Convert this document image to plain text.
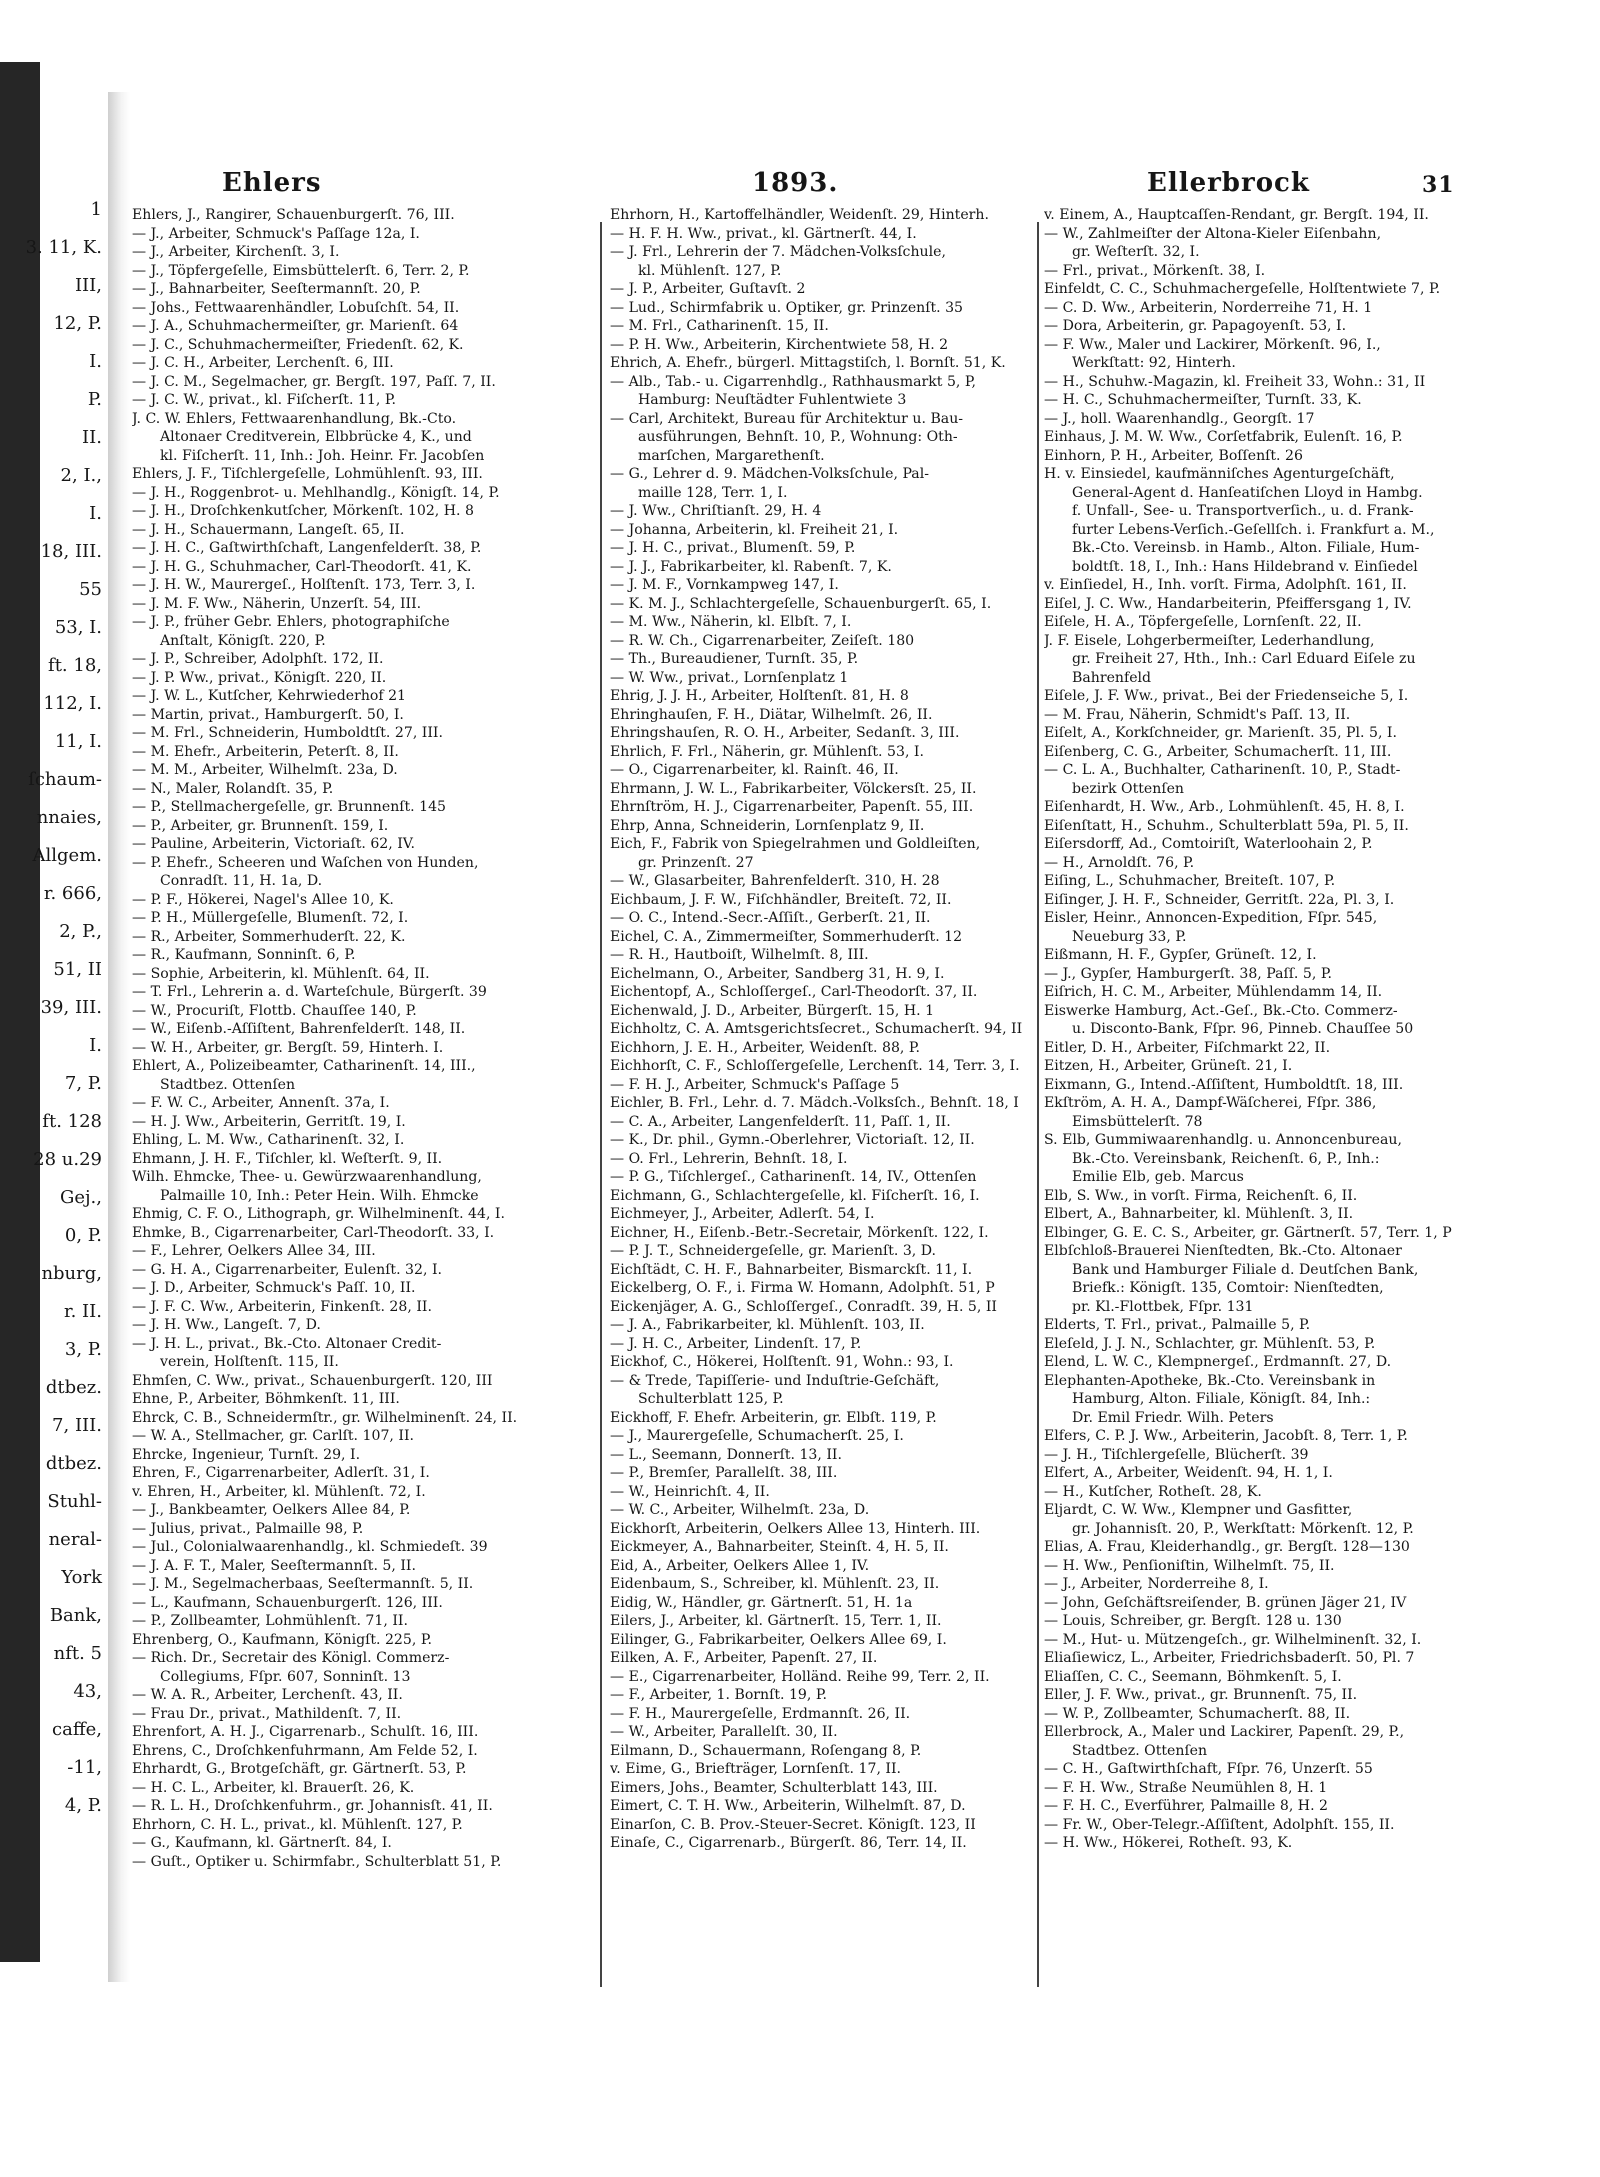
1
3. 11, K.
III,
12, P.
I.
P.
II.
2, I.,
I.
18, III.
55
53, I.
ft. 18,
112, I.
11, I.
ſchaum-
nnaies,
Allgem.
r. 666,
2, P.,
51, II
39, III.
I.
7, P.
ft. 128
28 u.29
Gej.,
0, P.
nburg,
r. II.
3, P.
dtbez.
7, III.
dtbez.
Stuhl-
neral-
York
Bank,
nft. 5
43,
caffe,
-11,
4, P.
Ehlers	1893.	Ellerbrock	31
Ehlers, J., Rangirer, Schauenburgerſt. 76, III.
— J., Arbeiter, Schmuck's Paſſage 12a, I.
— J., Arbeiter, Kirchenſt. 3, I.
— J., Töpfergeſelle, Eimsbüttelerſt. 6, Terr. 2, P.
— J., Bahnarbeiter, Seeſtermannſt. 20, P.
— Johs., Fettwaarenhändler, Lobuſchſt. 54, II.
— J. A., Schuhmachermeiſter, gr. Marienſt. 64
— J. C., Schuhmachermeiſter, Friedenſt. 62, K.
— J. C. H., Arbeiter, Lerchenſt. 6, III.
— J. C. M., Segelmacher, gr. Bergſt. 197, Paſſ. 7, II.
— J. C. W., privat., kl. Fiſcherſt. 11, P.
J. C. W. Ehlers, Fettwaarenhandlung, Bk.-Cto.
Altonaer Creditverein, Elbbrücke 4, K., und
kl. Fiſcherſt. 11, Inh.: Joh. Heinr. Fr. Jacobſen
Ehlers, J. F., Tiſchlergeſelle, Lohmühlenſt. 93, III.
— J. H., Roggenbrot- u. Mehlhandlg., Königſt. 14, P.
— J. H., Droſchkenkutſcher, Mörkenſt. 102, H. 8
— J. H., Schauermann, Langeſt. 65, II.
— J. H. C., Gaſtwirthſchaft, Langenfelderſt. 38, P.
— J. H. G., Schuhmacher, Carl-Theodorſt. 41, K.
— J. H. W., Maurergeſ., Holſtenſt. 173, Terr. 3, I.
— J. M. F. Ww., Näherin, Unzerſt. 54, III.
— J. P., früher Gebr. Ehlers, photographiſche
Anſtalt, Königſt. 220, P.
— J. P., Schreiber, Adolphſt. 172, II.
— J. P. Ww., privat., Königſt. 220, II.
— J. W. L., Kutſcher, Kehrwiederhof 21
— Martin, privat., Hamburgerſt. 50, I.
— M. Frl., Schneiderin, Humboldtſt. 27, III.
— M. Ehefr., Arbeiterin, Peterſt. 8, II.
— M. M., Arbeiter, Wilhelmſt. 23a, D.
— N., Maler, Rolandſt. 35, P.
— P., Stellmachergeſelle, gr. Brunnenſt. 145
— P., Arbeiter, gr. Brunnenſt. 159, I.
— Pauline, Arbeiterin, Victoriaſt. 62, IV.
— P. Ehefr., Scheeren und Waſchen von Hunden,
Conradſt. 11, H. 1a, D.
— P. F., Hökerei, Nagel's Allee 10, K.
— P. H., Müllergeſelle, Blumenſt. 72, I.
— R., Arbeiter, Sommerhuderſt. 22, K.
— R., Kaufmann, Sonninſt. 6, P.
— Sophie, Arbeiterin, kl. Mühlenſt. 64, II.
— T. Frl., Lehrerin a. d. Warteſchule, Bürgerſt. 39
— W., Procuriſt, Flottb. Chauſſee 140, P.
— W., Eiſenb.-Aſſiſtent, Bahrenfelderſt. 148, II.
— W. H., Arbeiter, gr. Bergſt. 59, Hinterh. I.
Ehlert, A., Polizeibeamter, Catharinenſt. 14, III.,
Stadtbez. Ottenſen
— F. W. C., Arbeiter, Annenſt. 37a, I.
— H. J. Ww., Arbeiterin, Gerritſt. 19, I.
Ehling, L. M. Ww., Catharinenſt. 32, I.
Ehmann, J. H. F., Tiſchler, kl. Weſterſt. 9, II.
Wilh. Ehmcke, Thee- u. Gewürzwaarenhandlung,
Palmaille 10, Inh.: Peter Hein. Wilh. Ehmcke
Ehmig, C. F. O., Lithograph, gr. Wilhelminenſt. 44, I.
Ehmke, B., Cigarrenarbeiter, Carl-Theodorſt. 33, I.
— F., Lehrer, Oelkers Allee 34, III.
— G. H. A., Cigarrenarbeiter, Eulenſt. 32, I.
— J. D., Arbeiter, Schmuck's Paſſ. 10, II.
— J. F. C. Ww., Arbeiterin, Finkenſt. 28, II.
— J. H. Ww., Langeſt. 7, D.
— J. H. L., privat., Bk.-Cto. Altonaer Credit-
verein, Holſtenſt. 115, II.
Ehmſen, C. Ww., privat., Schauenburgerſt. 120, III
Ehne, P., Arbeiter, Böhmkenſt. 11, III.
Ehrck, C. B., Schneidermſtr., gr. Wilhelminenſt. 24, II.
— W. A., Stellmacher, gr. Carlſt. 107, II.
Ehrcke, Ingenieur, Turnſt. 29, I.
Ehren, F., Cigarrenarbeiter, Adlerſt. 31, I.
v. Ehren, H., Arbeiter, kl. Mühlenſt. 72, I.
— J., Bankbeamter, Oelkers Allee 84, P.
— Julius, privat., Palmaille 98, P.
— Jul., Colonialwaarenhandlg., kl. Schmiedeſt. 39
— J. A. F. T., Maler, Seeſtermannſt. 5, II.
— J. M., Segelmacherbaas, Seeſtermannſt. 5, II.
— L., Kaufmann, Schauenburgerſt. 126, III.
— P., Zollbeamter, Lohmühlenſt. 71, II.
Ehrenberg, O., Kaufmann, Königſt. 225, P.
— Rich. Dr., Secretair des Königl. Commerz-
Collegiums, Fſpr. 607, Sonninſt. 13
— W. A. R., Arbeiter, Lerchenſt. 43, II.
— Frau Dr., privat., Mathildenſt. 7, II.
Ehrenfort, A. H. J., Cigarrenarb., Schulſt. 16, III.
Ehrens, C., Droſchkenfuhrmann, Am Felde 52, I.
Ehrhardt, G., Brotgeſchäft, gr. Gärtnerſt. 53, P.
— H. C. L., Arbeiter, kl. Brauerſt. 26, K.
— R. L. H., Droſchkenfuhrm., gr. Johannisſt. 41, II.
Ehrhorn, C. H. L., privat., kl. Mühlenſt. 127, P.
— G., Kaufmann, kl. Gärtnerſt. 84, I.
— Guſt., Optiker u. Schirmfabr., Schulterblatt 51, P.
Ehrhorn, H., Kartoffelhändler, Weidenſt. 29, Hinterh.
— H. F. H. Ww., privat., kl. Gärtnerſt. 44, I.
— J. Frl., Lehrerin der 7. Mädchen-Volksſchule,
kl. Mühlenſt. 127, P.
— J. P., Arbeiter, Guſtavſt. 2
— Lud., Schirmfabrik u. Optiker, gr. Prinzenſt. 35
— M. Frl., Catharinenſt. 15, II.
— P. H. Ww., Arbeiterin, Kirchentwiete 58, H. 2
Ehrich, A. Ehefr., bürgerl. Mittagstiſch, l. Bornſt. 51, K.
— Alb., Tab.- u. Cigarrenhdlg., Rathhausmarkt 5, P,
Hamburg: Neuſtädter Fuhlentwiete 3
— Carl, Architekt, Bureau für Architektur u. Bau-
ausführungen, Behnſt. 10, P., Wohnung: Oth-
marſchen, Margarethenſt.
— G., Lehrer d. 9. Mädchen-Volksſchule, Pal-
maille 128, Terr. 1, I.
— J. Ww., Chriſtianſt. 29, H. 4
— Johanna, Arbeiterin, kl. Freiheit 21, I.
— J. H. C., privat., Blumenſt. 59, P.
— J. J., Fabrikarbeiter, kl. Rabenſt. 7, K.
— J. M. F., Vornkampweg 147, I.
— K. M. J., Schlachtergeſelle, Schauenburgerſt. 65, I.
— M. Ww., Näherin, kl. Elbſt. 7, I.
— R. W. Ch., Cigarrenarbeiter, Zeiſeſt. 180
— Th., Bureaudiener, Turnſt. 35, P.
— W. Ww., privat., Lornſenplatz 1
Ehrig, J. J. H., Arbeiter, Holſtenſt. 81, H. 8
Ehringhauſen, F. H., Diätar, Wilhelmſt. 26, II.
Ehringshauſen, R. O. H., Arbeiter, Sedanſt. 3, III.
Ehrlich, F. Frl., Näherin, gr. Mühlenſt. 53, I.
— O., Cigarrenarbeiter, kl. Rainſt. 46, II.
Ehrmann, J. W. L., Fabrikarbeiter, Völckersſt. 25, II.
Ehrnſtröm, H. J., Cigarrenarbeiter, Papenſt. 55, III.
Ehrp, Anna, Schneiderin, Lornſenplatz 9, II.
Eich, F., Fabrik von Spiegelrahmen und Goldleiſten,
gr. Prinzenſt. 27
— W., Glasarbeiter, Bahrenfelderſt. 310, H. 28
Eichbaum, J. F. W., Fiſchhändler, Breiteſt. 72, II.
— O. C., Intend.-Secr.-Aſſiſt., Gerberſt. 21, II.
Eichel, C. A., Zimmermeiſter, Sommerhuderſt. 12
— R. H., Hautboiſt, Wilhelmſt. 8, III.
Eichelmann, O., Arbeiter, Sandberg 31, H. 9, I.
Eichentopf, A., Schloſſergeſ., Carl-Theodorſt. 37, II.
Eichenwald, J. D., Arbeiter, Bürgerſt. 15, H. 1
Eichholtz, C. A. Amtsgerichtsſecret., Schumacherſt. 94, II
Eichhorn, J. E. H., Arbeiter, Weidenſt. 88, P.
Eichhorſt, C. F., Schloſſergeſelle, Lerchenſt. 14, Terr. 3, I.
— F. H. J., Arbeiter, Schmuck's Paſſage 5
Eichler, B. Frl., Lehr. d. 7. Mädch.-Volksſch., Behnſt. 18, I
— C. A., Arbeiter, Langenfelderſt. 11, Paſſ. 1, II.
— K., Dr. phil., Gymn.-Oberlehrer, Victoriaſt. 12, II.
— O. Frl., Lehrerin, Behnſt. 18, I.
— P. G., Tiſchlergeſ., Catharinenſt. 14, IV., Ottenſen
Eichmann, G., Schlachtergeſelle, kl. Fiſcherſt. 16, I.
Eichmeyer, J., Arbeiter, Adlerſt. 54, I.
Eichner, H., Eiſenb.-Betr.-Secretair, Mörkenſt. 122, I.
— P. J. T., Schneidergeſelle, gr. Marienſt. 3, D.
Eichſtädt, C. H. F., Bahnarbeiter, Bismarckſt. 11, I.
Eickelberg, O. F., i. Firma W. Homann, Adolphſt. 51, P
Eickenjäger, A. G., Schloſſergeſ., Conradſt. 39, H. 5, II
— J. A., Fabrikarbeiter, kl. Mühlenſt. 103, II.
— J. H. C., Arbeiter, Lindenſt. 17, P.
Eickhof, C., Hökerei, Holſtenſt. 91, Wohn.: 93, I.
— & Trede, Tapiſſerie- und Induſtrie-Geſchäft,
Schulterblatt 125, P.
Eickhoff, F. Ehefr. Arbeiterin, gr. Elbſt. 119, P.
— J., Maurergeſelle, Schumacherſt. 25, I.
— L., Seemann, Donnerſt. 13, II.
— P., Bremſer, Parallelſt. 38, III.
— W., Heinrichſt. 4, II.
— W. C., Arbeiter, Wilhelmſt. 23a, D.
Eickhorſt, Arbeiterin, Oelkers Allee 13, Hinterh. III.
Eickmeyer, A., Bahnarbeiter, Steinſt. 4, H. 5, II.
Eid, A., Arbeiter, Oelkers Allee 1, IV.
Eidenbaum, S., Schreiber, kl. Mühlenſt. 23, II.
Eidig, W., Händler, gr. Gärtnerſt. 51, H. 1a
Eilers, J., Arbeiter, kl. Gärtnerſt. 15, Terr. 1, II.
Eilinger, G., Fabrikarbeiter, Oelkers Allee 69, I.
Eilken, A. F., Arbeiter, Papenſt. 27, II.
— E., Cigarrenarbeiter, Holländ. Reihe 99, Terr. 2, II.
— F., Arbeiter, 1. Bornſt. 19, P.
— F. H., Maurergeſelle, Erdmannſt. 26, II.
— W., Arbeiter, Parallelſt. 30, II.
Eilmann, D., Schauermann, Roſengang 8, P.
v. Eime, G., Briefträger, Lornſenſt. 17, II.
Eimers, Johs., Beamter, Schulterblatt 143, III.
Eimert, C. T. H. Ww., Arbeiterin, Wilhelmſt. 87, D.
Einarſon, C. B. Prov.-Steuer-Secret. Königſt. 123, II
Einaſe, C., Cigarrenarb., Bürgerſt. 86, Terr. 14, II.
v. Einem, A., Hauptcaſſen-Rendant, gr. Bergſt. 194, II.
— W., Zahlmeiſter der Altona-Kieler Eiſenbahn,
gr. Weſterſt. 32, I.
— Frl., privat., Mörkenſt. 38, I.
Einfeldt, C. C., Schuhmachergeſelle, Holſtentwiete 7, P.
— C. D. Ww., Arbeiterin, Norderreihe 71, H. 1
— Dora, Arbeiterin, gr. Papagoyenſt. 53, I.
— F. Ww., Maler und Lackirer, Mörkenſt. 96, I.,
Werkſtatt: 92, Hinterh.
— H., Schuhw.-Magazin, kl. Freiheit 33, Wohn.: 31, II
— H. C., Schuhmachermeiſter, Turnſt. 33, K.
— J., holl. Waarenhandlg., Georgſt. 17
Einhaus, J. M. W. Ww., Corſetfabrik, Eulenſt. 16, P.
Einhorn, P. H., Arbeiter, Boſſenſt. 26
H. v. Einsiedel, kaufmänniſches Agenturgeſchäft,
General-Agent d. Hanſeatiſchen Lloyd in Hambg.
f. Unfall-, See- u. Transportverſich., u. d. Frank-
furter Lebens-Verſich.-Geſellſch. i. Frankfurt a. M.,
Bk.-Cto. Vereinsb. in Hamb., Alton. Filiale, Hum-
boldtſt. 18, I., Inh.: Hans Hildebrand v. Einſiedel
v. Einſiedel, H., Inh. vorſt. Firma, Adolphſt. 161, II.
Eiſel, J. C. Ww., Handarbeiterin, Pfeiffersgang 1, IV.
Eiſele, H. A., Töpfergeſelle, Lornſenſt. 22, II.
J. F. Eisele, Lohgerbermeiſter, Lederhandlung,
gr. Freiheit 27, Hth., Inh.: Carl Eduard Eiſele zu
Bahrenfeld
Eiſele, J. F. Ww., privat., Bei der Friedenseiche 5, I.
— M. Frau, Näherin, Schmidt's Paſſ. 13, II.
Eiſelt, A., Korkſchneider, gr. Marienſt. 35, Pl. 5, I.
Eiſenberg, C. G., Arbeiter, Schumacherſt. 11, III.
— C. L. A., Buchhalter, Catharinenſt. 10, P., Stadt-
bezirk Ottenſen
Eiſenhardt, H. Ww., Arb., Lohmühlenſt. 45, H. 8, I.
Eiſenſtatt, H., Schuhm., Schulterblatt 59a, Pl. 5, II.
Eiſersdorff, Ad., Comtoiriſt, Waterloohain 2, P.
— H., Arnoldſt. 76, P.
Eiſing, L., Schuhmacher, Breiteſt. 107, P.
Eiſinger, J. H. F., Schneider, Gerritſt. 22a, Pl. 3, I.
Eisler, Heinr., Annoncen-Expedition, Fſpr. 545,
Neueburg 33, P.
Eißmann, H. F., Gypſer, Grüneſt. 12, I.
— J., Gypſer, Hamburgerſt. 38, Paſſ. 5, P.
Eiſrich, H. C. M., Arbeiter, Mühlendamm 14, II.
Eiswerke Hamburg, Act.-Geſ., Bk.-Cto. Commerz-
u. Disconto-Bank, Fſpr. 96, Pinneb. Chauſſee 50
Eitler, D. H., Arbeiter, Fiſchmarkt 22, II.
Eitzen, H., Arbeiter, Grüneſt. 21, I.
Eixmann, G., Intend.-Aſſiſtent, Humboldtſt. 18, III.
Ekſtröm, A. H. A., Dampf-Wäſcherei, Fſpr. 386,
Eimsbüttelerſt. 78
S. Elb, Gummiwaarenhandlg. u. Annoncenbureau,
Bk.-Cto. Vereinsbank, Reichenſt. 6, P., Inh.:
Emilie Elb, geb. Marcus
Elb, S. Ww., in vorſt. Firma, Reichenſt. 6, II.
Elbert, A., Bahnarbeiter, kl. Mühlenſt. 3, II.
Elbinger, G. E. C. S., Arbeiter, gr. Gärtnerſt. 57, Terr. 1, P
Elbſchloß-Brauerei Nienſtedten, Bk.-Cto. Altonaer
Bank und Hamburger Filiale d. Deutſchen Bank,
Briefk.: Königſt. 135, Comtoir: Nienſtedten,
pr. Kl.-Flottbek, Fſpr. 131
Elderts, T. Frl., privat., Palmaille 5, P.
Eleſeld, J. J. N., Schlachter, gr. Mühlenſt. 53, P.
Elend, L. W. C., Klempnergeſ., Erdmannſt. 27, D.
Elephanten-Apotheke, Bk.-Cto. Vereinsbank in
Hamburg, Alton. Filiale, Königſt. 84, Inh.:
Dr. Emil Friedr. Wilh. Peters
Elfers, C. P. J. Ww., Arbeiterin, Jacobſt. 8, Terr. 1, P.
— J. H., Tiſchlergeſelle, Blücherſt. 39
Elfert, A., Arbeiter, Weidenſt. 94, H. 1, I.
— H., Kutſcher, Rotheſt. 28, K.
Eljardt, C. W. Ww., Klempner und Gasfitter,
gr. Johannisſt. 20, P., Werkſtatt: Mörkenſt. 12, P.
Elias, A. Frau, Kleiderhandlg., gr. Bergſt. 128—130
— H. Ww., Penſioniſtin, Wilhelmſt. 75, II.
— J., Arbeiter, Norderreihe 8, I.
— John, Geſchäftsreiſender, B. grünen Jäger 21, IV
— Louis, Schreiber, gr. Bergſt. 128 u. 130
— M., Hut- u. Mützengeſch., gr. Wilhelminenſt. 32, I.
Eliaſiewicz, L., Arbeiter, Friedrichsbaderſt. 50, Pl. 7
Eliaſſen, C. C., Seemann, Böhmkenſt. 5, I.
Eller, J. F. Ww., privat., gr. Brunnenſt. 75, II.
— W. P., Zollbeamter, Schumacherſt. 88, II.
Ellerbrock, A., Maler und Lackirer, Papenſt. 29, P.,
Stadtbez. Ottenſen
— C. H., Gaſtwirthſchaft, Fſpr. 76, Unzerſt. 55
— F. H. Ww., Straße Neumühlen 8, H. 1
— F. H. C., Everführer, Palmaille 8, H. 2
— Fr. W., Ober-Telegr.-Aſſiſtent, Adolphſt. 155, II.
— H. Ww., Hökerei, Rotheſt. 93, K.
